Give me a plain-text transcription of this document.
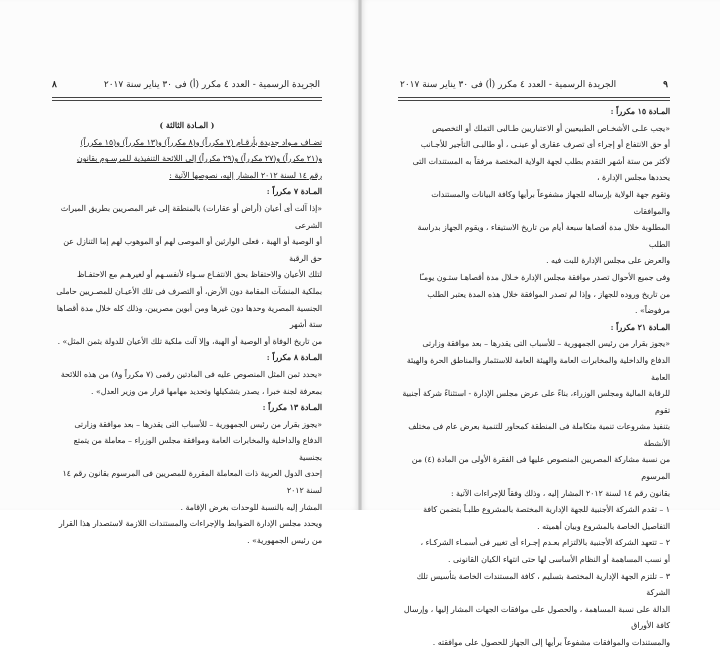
٨	الجريدة الرسمية - العدد ٤ مكرر (أ) فى ٣٠ يناير سنة ٢٠١٧	٩
الجريدة الرسمية - العدد ٤ مكرر (أ) فى ٣٠ يناير سنة ٢٠١٧

( المـادة الثالثة )

تضـاف مـواد جديدة بأرقـام (٧ مكرراً) و(٨ مكرراً) و(١٣ مكرراً) و(١٥ مكرراً)

و(٢١ مكرراً) و(٢٧ مكرراً) و(٢٩ مكرراً) إلى اللائحة التنفيذية للمرسـوم بقانون

رقم ١٤ لسنة ٢٠١٢ المشار إليه، نصوصها الآتية :

المـادة ٧ مكرراً :

«إذا آلت أى أعيان (أراض أو عقارات) بالمنطقة إلى غير المصريين بطريق الميراث الشرعى

أو الوصية أو الهبة ، فعلى الوارثين أو الموصى لهم أو الموهوب لهم إما التنازل عن حق الرقبة

لتلك الأعيان والاحتفاظ بحق الانتفـاع سـواء لأنفسـهم أو لغيرهـم مع الاحتفـاظ

بملكية المنشآت المقامة دون الأرض، أو التصرف فى تلك الأعيـان للمصـريين حاملى

الجنسية المصرية وحدها دون غيرها ومن أبوين مصريين، وذلك كله خلال مدة أقصاها ستة أشهر

من تاريخ الوفاة أو الوصية أو الهبة، وإلا آلت ملكية تلك الأعيان للدولة بثمن المثل» .

المـادة ٨ مكرراً :

«يحدد ثمن المثل المنصوص عليه فى المادتين رقمى (٧ مكرراً و٨) من هذه اللائحة

بمعرفة لجنة خبرا ، يصدر بتشكيلها وتحديد مهامها قرار من وزير العدل» .

المـادة ١٣ مكرراً :

«يجوز بقرار من رئيس الجمهورية – للأسباب التى يقدرها – بعد موافقة وزارتى

الدفاع والداخلية والمخابرات العامة وموافقة مجلس الوزراء – معاملة من يتمتع بجنسية

إحدى الدول العربية ذات المعاملة المقررة للمصريين فى المرسوم بقانون رقم ١٤ لسنة ٢٠١٢

المشار إليه بالنسبة للوحدات بغرض الإقامة .

ويحدد مجلس الإدارة الضوابط والإجراءات والمستندات اللازمة لاستصدار هذا القرار

من رئيس الجمهورية» .

المـادة ١٥ مكرراً :

«يجب علـى الأشخـاص الطبيعيين أو الاعتباريين طـالبى التملك أو التخصيص

أو حق الانتفاع أو إجراء أى تصرف عقارى أو عينـى ، أو طالبـى التأجير للأجـانب

لأكثر من ستة أشهر التقدم بطلب لجهة الولاية المختصة مرفقاً به المستندات التى يحددها مجلس الإدارة ،

وتقوم جهة الولاية بإرساله للجهاز مشفوعاً برأيها وكافة البيانات والمستندات والموافقات

المطلوبة خلال مدة أقصاها سبعة أيام من تاريخ الاستيفاء ، ويقوم الجهاز بدراسة الطلب

والعرض على مجلس الإدارة للبت فيه .

وفى جميع الأحوال تصدر موافقة مجلس الإدارة خـلال مدة أقصاهـا ستـون يومـًا

من تاريخ وروده للجهاز ، وإذا لم تصدر الموافقة خلال هذه المدة يعتبر الطلب مرفوضاً» .

المـادة ٢١ مكرراً :

«يجوز بقرار من رئيس الجمهورية – للأسباب التى يقدرها – بعد موافقة وزارتى

الدفاع والداخلية والمخابرات العامة والهيئة العامة للاستثمار والمناطق الحرة والهيئة العامة

للرقابة المالية ومجلس الوزراء، بناءً على عرض مجلس الإدارة - استثناءً شركة أجنبية تقوم

بتنفيذ مشروعات تنمية متكاملة فى المنطقة كمحاور للتنمية بعرض عام فى مختلف الأنشطة

من نسبة مشاركة المصريين المنصوص عليها فى الفقرة الأولى من المادة (٤) من المرسوم

بقانون رقم ١٤ لسنة ٢٠١٢ المشار إليه ، وذلك وفقاً للإجراءات الآتية :

١ – تقدم الشركة الأجنبية للجهة الإدارية المختصة بالمشروع طلبـاً بتضمن كافة

التفاصيل الخاصة بالمشروع وبيان أهميته .

٢ – تتعهد الشركة الأجنبية بالالتزام بعـدم إجـراء أى تغيير فى أسمـاء الشركـاء ،

أو نسب المساهمة أو النظام الأساسى لها حتى انتهاء الكيان القانونى .

٣ – تلتزم الجهة الإدارية المختصة بتسليم ، كافة المستندات الخاصة بتأسيس تلك الشركة

الدالة على نسبة المساهمة ، والحصول على موافقات الجهات المشار إليها ، وإرسال كافة الأوراق

والمستندات والموافقات مشفوعاً برأيها إلى الجهاز للحصول على موافقته .
